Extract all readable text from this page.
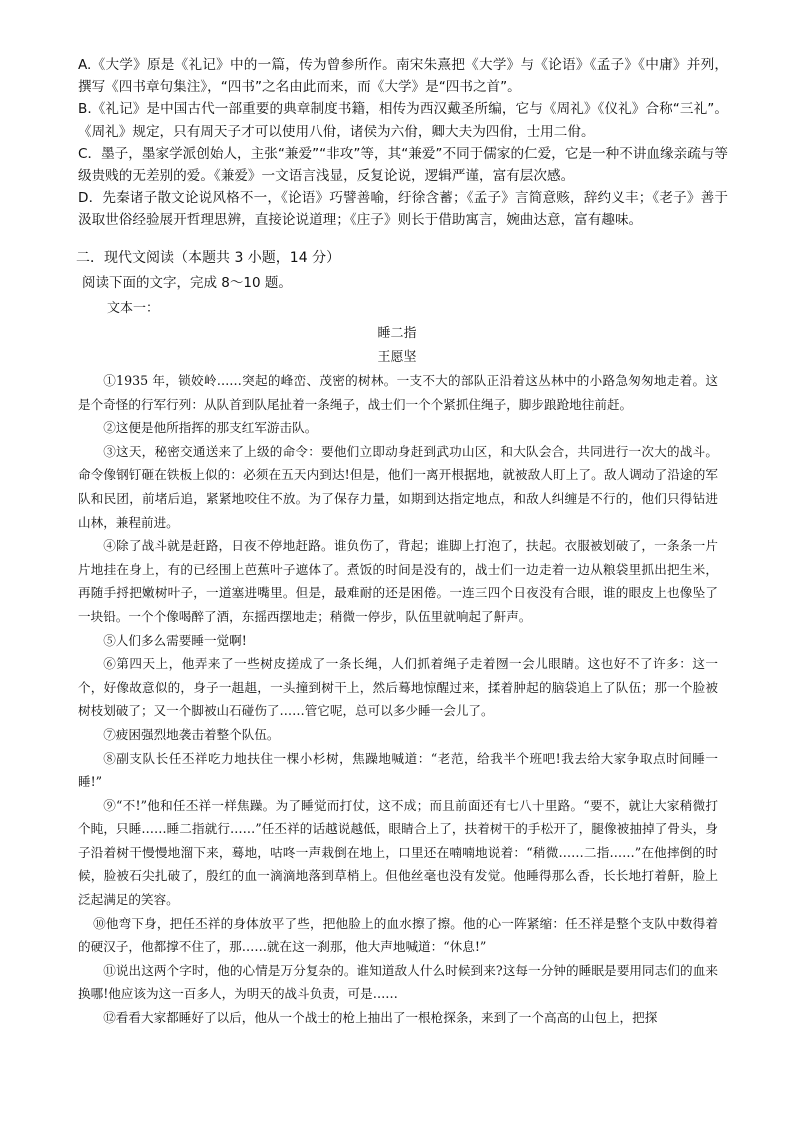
A.《大学》原是《礼记》中的一篇，传为曾参所作。南宋朱熹把《大学》与《论语》《孟子》《中庸》并列，撰写《四书章句集注》，“四书”之名由此而来，而《大学》是“四书之首”。

B.《礼记》是中国古代一部重要的典章制度书籍，相传为西汉戴圣所编，它与《周礼》《仪礼》合称“三礼”。《周礼》规定，只有周天子才可以使用八佾，诸侯为六佾，卿大夫为四佾，士用二佾。

C．墨子，墨家学派创始人，主张“兼爱”“非攻”等，其“兼爱”不同于儒家的仁爱，它是一种不讲血缘亲疏与等级贵贱的无差别的爱。《兼爱》一文语言浅显，反复论说，逻辑严谨，富有层次感。

D．先秦诸子散文论说风格不一，《论语》巧譬善喻，纡徐含蓄；《孟子》言简意赅，辞约义丰；《老子》善于汲取世俗经验展开哲理思辨，直接论说道理；《庄子》则长于借助寓言，婉曲达意，富有趣味。

二．现代文阅读（本题共 3 小题，14 分）

阅读下面的文字，完成 8～10 题。

文本一：

睡二指

王愿坚

①1935 年，锁姣岭……突起的峰峦、茂密的树林。一支不大的部队正沿着这丛林中的小路急匆匆地走着。这是个奇怪的行军行列：从队首到队尾扯着一条绳子，战士们一个个紧抓住绳子，脚步踉跄地往前赶。

②这便是他所指挥的那支红军游击队。

③这天，秘密交通送来了上级的命令：要他们立即动身赶到武功山区，和大队会合，共同进行一次大的战斗。命令像钢钉砸在铁板上似的：必须在五天内到达!但是，他们一离开根据地，就被敌人盯上了。敌人调动了沿途的军队和民团，前堵后追，紧紧地咬住不放。为了保存力量，如期到达指定地点，和敌人纠缠是不行的，他们只得钻进山林，兼程前进。

④除了战斗就是赶路，日夜不停地赶路。谁负伤了，背起；谁脚上打泡了，扶起。衣服被划破了，一条条一片片地挂在身上，有的已经围上芭蕉叶子遮体了。煮饭的时间是没有的，战士们一边走着一边从粮袋里抓出把生米，再随手捋把嫩树叶子，一道塞进嘴里。但是，最难耐的还是困倦。一连三四个日夜没有合眼，谁的眼皮上也像坠了一块铅。一个个像喝醉了酒，东摇西摆地走；稍微一停步，队伍里就响起了鼾声。

⑤人们多么需要睡一觉啊!

⑥第四天上，他弄来了一些树皮搓成了一条长绳，人们抓着绳子走着囫一会儿眼睛。这也好不了许多：这一个，好像故意似的，身子一趄趄，一头撞到树干上，然后蓦地惊醒过来，揉着肿起的脑袋追上了队伍；那一个脸被树枝划破了；又一个脚被山石碰伤了……管它呢，总可以多少睡一会儿了。

⑦疲困强烈地袭击着整个队伍。

⑧副支队长任丕祥吃力地扶住一棵小杉树，焦躁地喊道：“老范，给我半个班吧!我去给大家争取点时间睡一睡!”

⑨“不!”他和任丕祥一样焦躁。为了睡觉而打仗，这不成；而且前面还有七八十里路。“要不，就让大家稍微打个盹，只睡……睡二指就行……”任丕祥的话越说越低，眼睛合上了，扶着树干的手松开了，腿像被抽掉了骨头，身子沿着树干慢慢地溜下来，蓦地，咕咚一声栽倒在地上，口里还在喃喃地说着：“稍微……二指……”在他摔倒的时候，脸被石尖扎破了，殷红的血一滴滴地落到草梢上。但他丝毫也没有发觉。他睡得那么香，长长地打着鼾，脸上泛起满足的笑容。

⑩他弯下身，把任丕祥的身体放平了些，把他脸上的血水擦了擦。他的心一阵紧缩：任丕祥是整个支队中数得着的硬汉子，他都撑不住了，那……就在这一刹那，他大声地喊道：“休息!”

⑪说出这两个字时，他的心情是万分复杂的。谁知道敌人什么时候到来?这每一分钟的睡眠是要用同志们的血来换哪!他应该为这一百多人，为明天的战斗负责，可是……

⑫看看大家都睡好了以后，他从一个战士的枪上抽出了一根枪探条，来到了一个高高的山包上，把探
